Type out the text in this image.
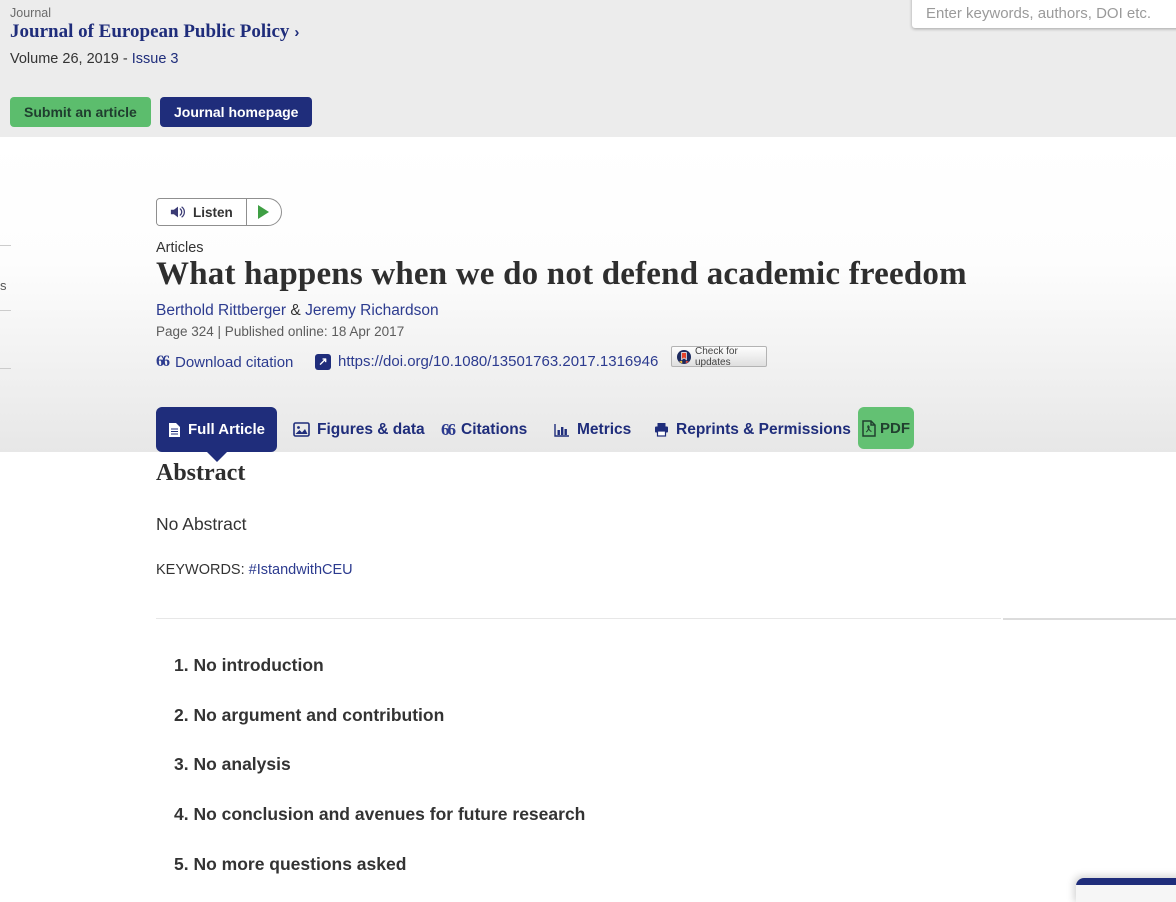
Journal
Journal of European Public Policy ›
Volume 26, 2019 - Issue 3
Submit an article	Journal homepage
Enter keywords, authors, DOI etc.
Listen
Articles
What happens when we do not defend academic freedom
Berthold Rittberger & Jeremy Richardson
Page 324 | Published online: 18 Apr 2017
66 Download citation	↗ https://doi.org/10.1080/13501763.2017.1316946
Check for updates
Full Article	Figures & data 66 Citations	Metrics	Reprints & Permissions PDF
Abstract
No Abstract
KEYWORDS: #IstandwithCEU
1. No introduction
2. No argument and contribution
3. No analysis
4. No conclusion and avenues for future research
5. No more questions asked
s
